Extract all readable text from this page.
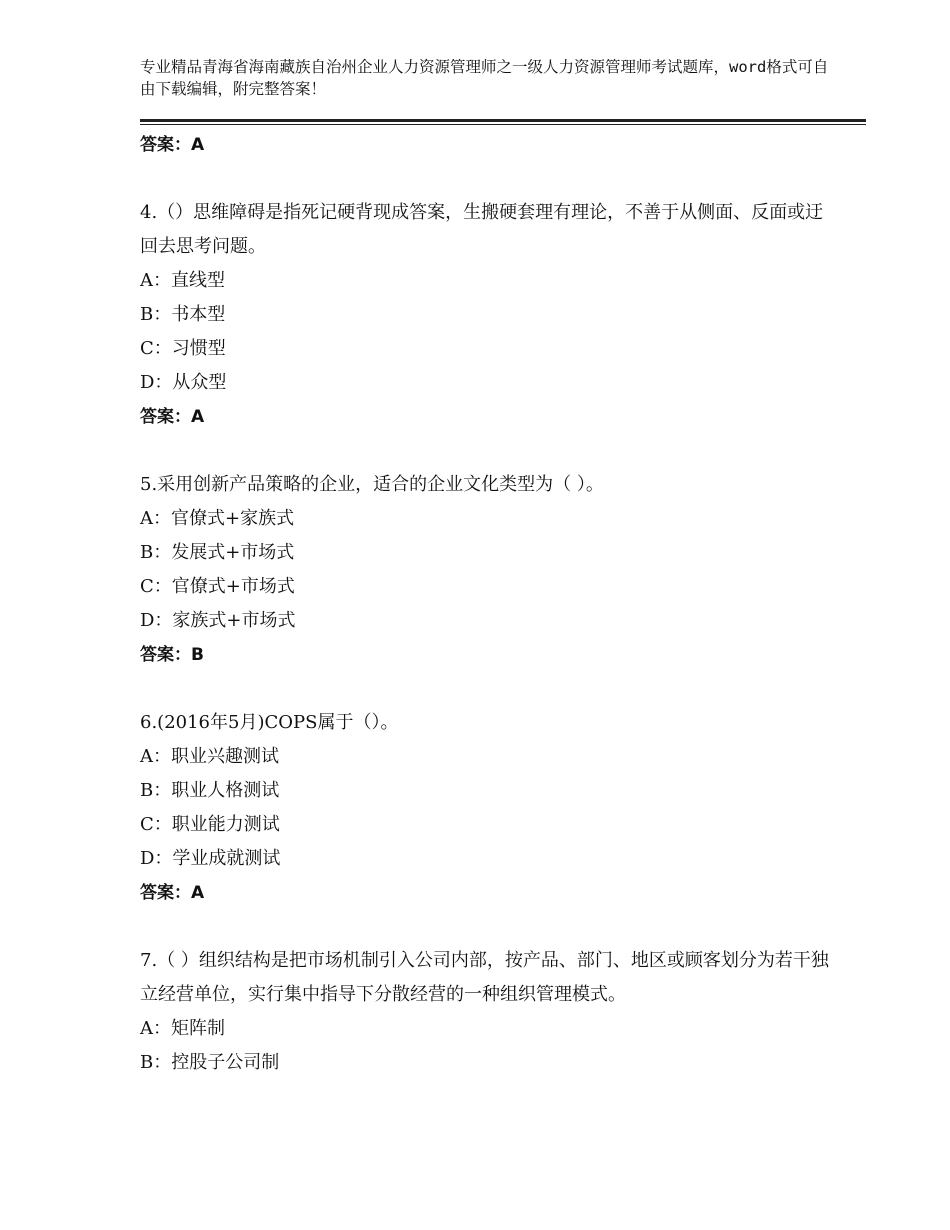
专业精品青海省海南藏族自治州企业人力资源管理师之一级人力资源管理师考试题库，word格式可自由下载编辑，附完整答案！
答案：A
4.（）思维障碍是指死记硬背现成答案，生搬硬套理有理论，不善于从侧面、反面或迂回去思考问题。
A：直线型
B：书本型
C：习惯型
D：从众型
答案：A
5.采用创新产品策略的企业，适合的企业文化类型为（ ）。
A：官僚式+家族式
B：发展式+市场式
C：官僚式+市场式
D：家族式+市场式
答案：B
6.(2016年5月)COPS属于（）。
A：职业兴趣测试
B：职业人格测试
C：职业能力测试
D：学业成就测试
答案：A
7.（ ）组织结构是把市场机制引入公司内部，按产品、部门、地区或顾客划分为若干独立经营单位，实行集中指导下分散经营的一种组织管理模式。
A：矩阵制
B：控股子公司制
